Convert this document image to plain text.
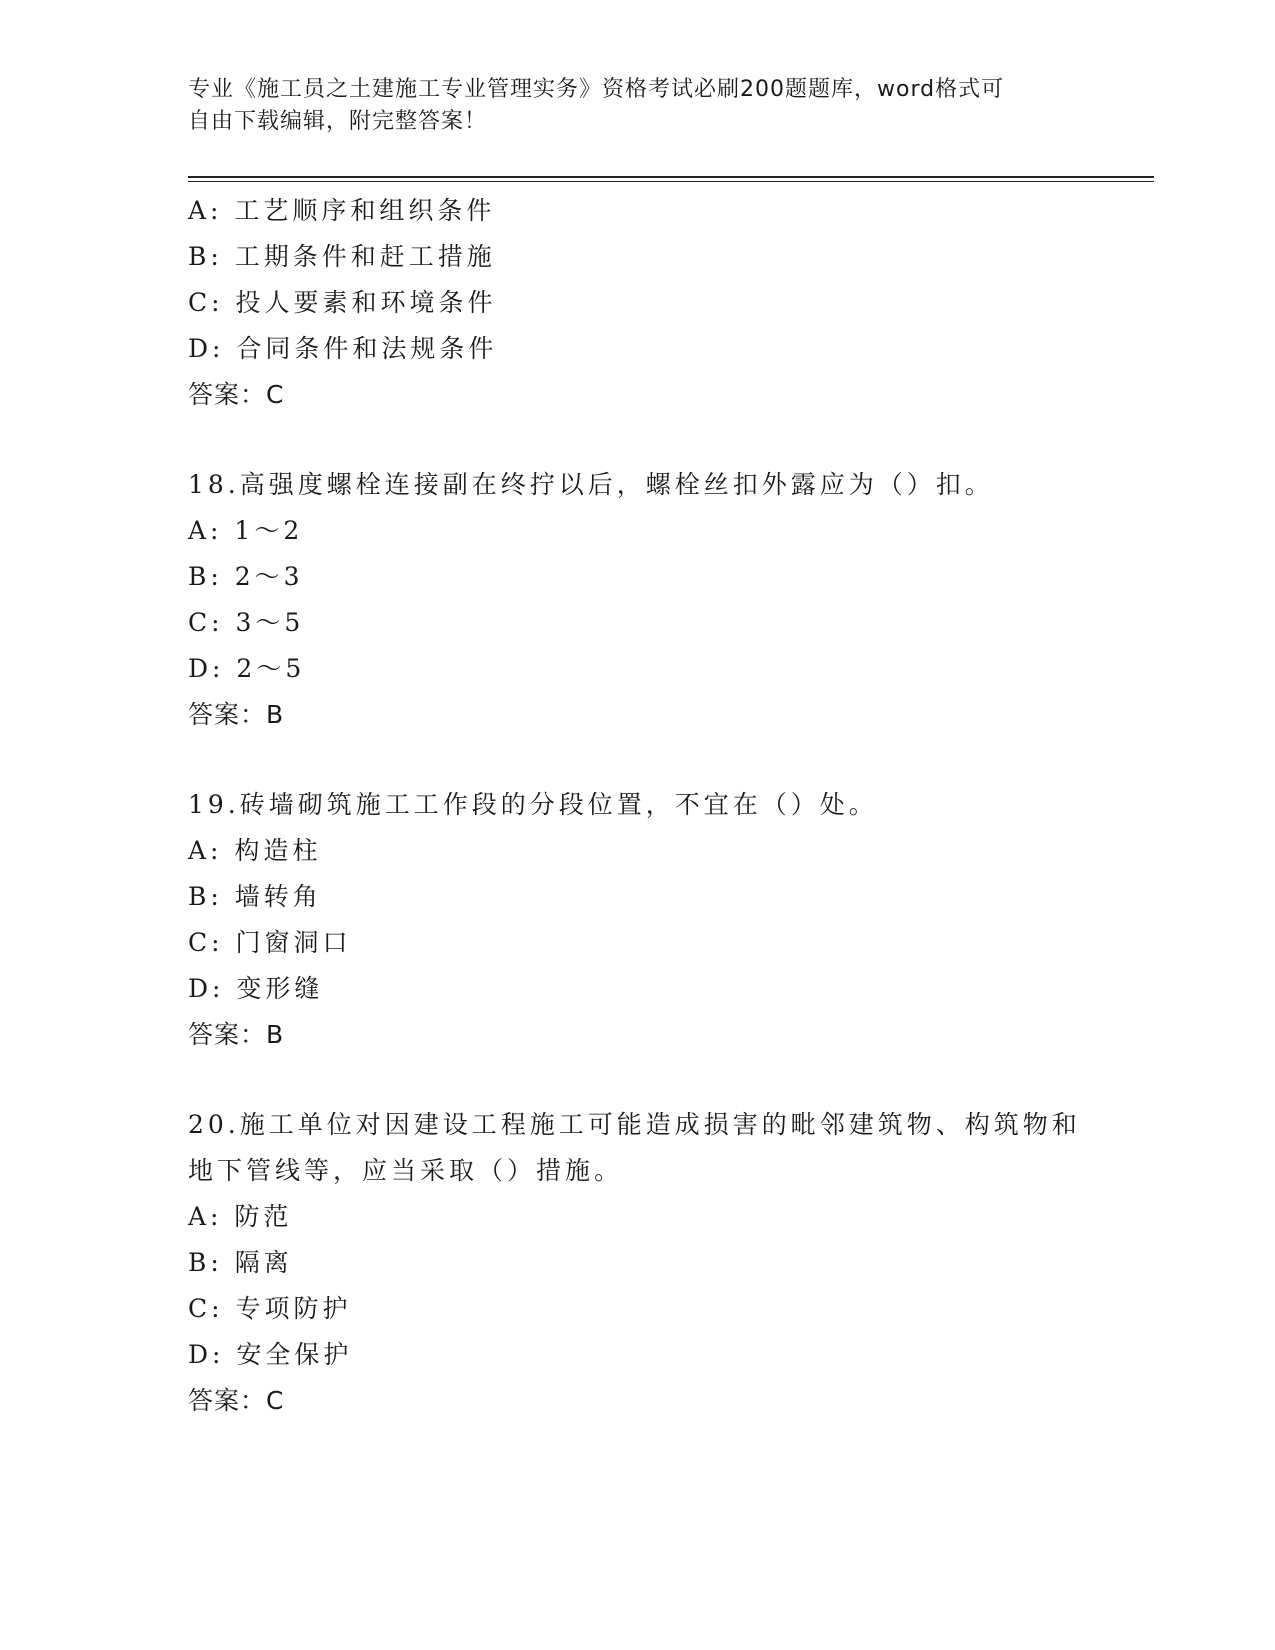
专业《施工员之土建施工专业管理实务》资格考试必刷200题题库，word格式可
自由下载编辑，附完整答案！
A: 工艺顺序和组织条件
B: 工期条件和赶工措施
C: 投人要素和环境条件
D: 合同条件和法规条件
答案：C
18.高强度螺栓连接副在终拧以后，螺栓丝扣外露应为（）扣。
A: 1～2
B: 2～3
C: 3～5
D: 2～5
答案：B
19.砖墙砌筑施工工作段的分段位置，不宜在（）处。
A: 构造柱
B: 墙转角
C: 门窗洞口
D: 变形缝
答案：B
20.施工单位对因建设工程施工可能造成损害的毗邻建筑物、构筑物和
地下管线等，应当采取（）措施。
A: 防范
B: 隔离
C: 专项防护
D: 安全保护
答案：C
